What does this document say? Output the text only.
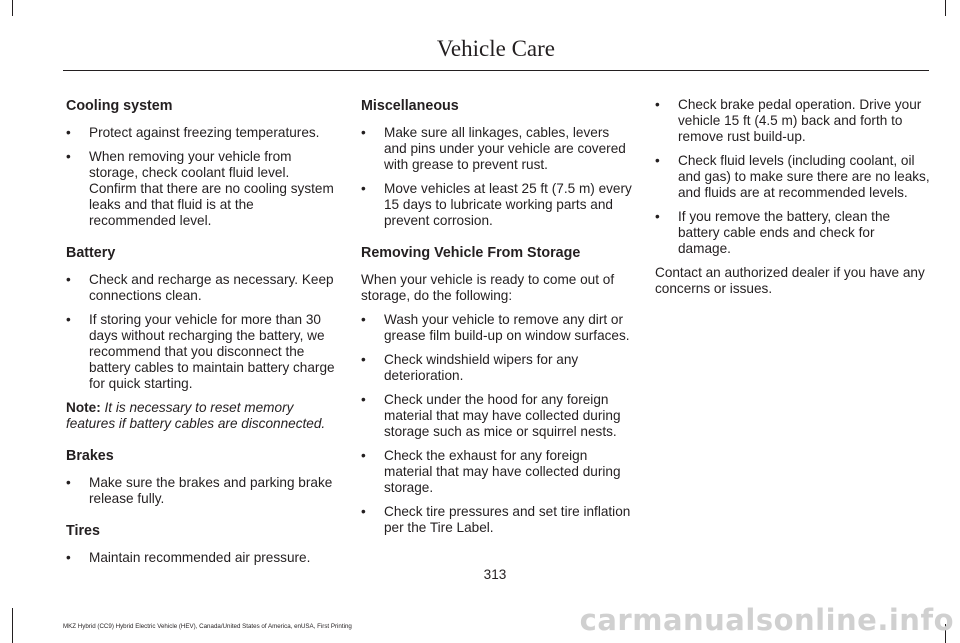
Vehicle Care
Cooling system
• Protect against freezing temperatures.
• When removing your vehicle from storage, check coolant fluid level. Confirm that there are no cooling system leaks and that fluid is at the recommended level.
Battery
• Check and recharge as necessary. Keep connections clean.
• If storing your vehicle for more than 30 days without recharging the battery, we recommend that you disconnect the battery cables to maintain battery charge for quick starting.

Note: It is necessary to reset memory features if battery cables are disconnected.

Brakes
• Make sure the brakes and parking brake release fully.
Tires
• Maintain recommended air pressure.
Miscellaneous
• Make sure all linkages, cables, levers and pins under your vehicle are covered with grease to prevent rust.
• Move vehicles at least 25 ft (7.5 m) every 15 days to lubricate working parts and prevent corrosion.
Removing Vehicle From Storage

When your vehicle is ready to come out of storage, do the following:

• Wash your vehicle to remove any dirt or grease film build-up on window surfaces.
• Check windshield wipers for any deterioration.
• Check under the hood for any foreign material that may have collected during storage such as mice or squirrel nests.
• Check the exhaust for any foreign material that may have collected during storage.
• Check tire pressures and set tire inflation per the Tire Label.
• Check brake pedal operation. Drive your vehicle 15 ft (4.5 m) back and forth to remove rust build-up.
• Check fluid levels (including coolant, oil and gas) to make sure there are no leaks, and fluids are at recommended levels.
• If you remove the battery, clean the battery cable ends and check for damage.

Contact an authorized dealer if you have any concerns or issues.

313
MKZ Hybrid (CC9) Hybrid Electric Vehicle (HEV), Canada/United States of America, enUSA, First Printing	carmanualsonline.info
